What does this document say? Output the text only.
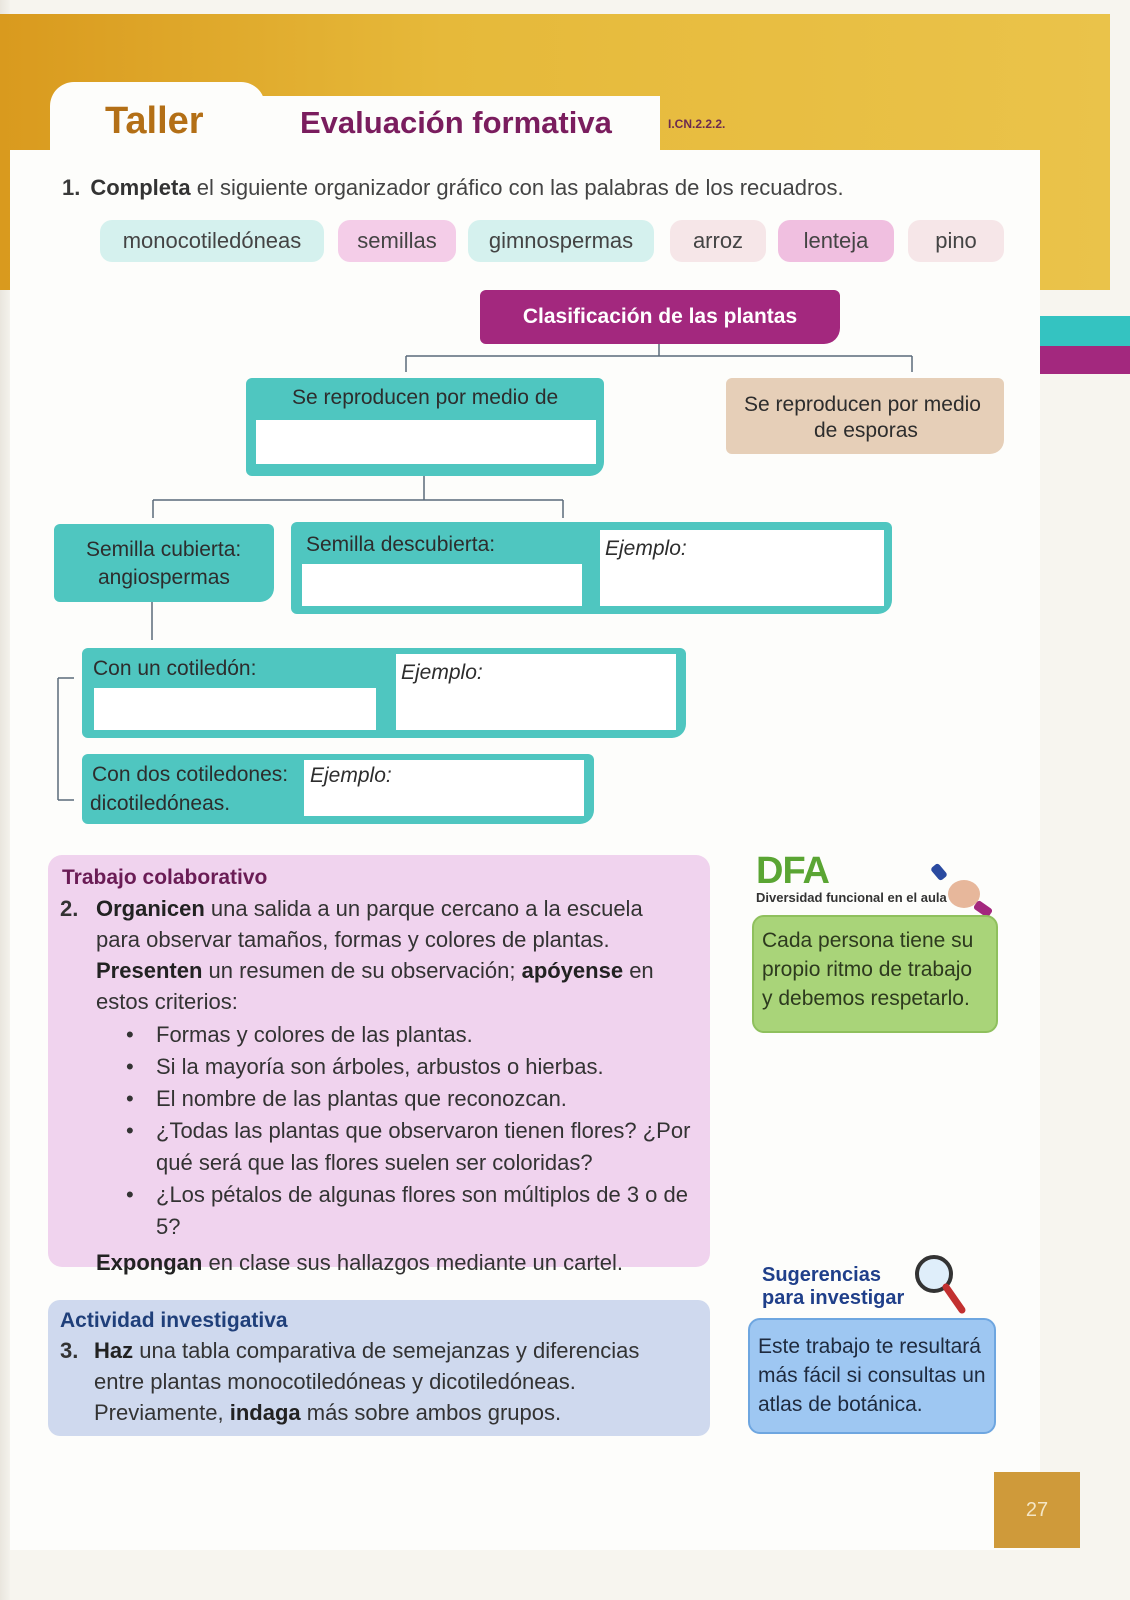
Taller	Evaluación formativa	I.CN.2.2.2.
1. Completa el siguiente organizador gráfico con las palabras de los recuadros.
monocotiledóneas	semillas	gimnospermas	arroz	lenteja	pino
Clasificación de las plantas
Se reproducen por medio de	Se reproducen por medio
de esporas
Semilla cubierta:
angiospermas
Semilla descubierta:	Ejemplo:
Con un cotiledón:	Ejemplo:
Con dos cotiledones:
dicotiledóneas.
Ejemplo:
Trabajo colaborativo
2. Organicen una salida a un parque cercano a la escuela
para observar tamaños, formas y colores de plantas.
Presenten un resumen de su observación; apóyense en
estos criterios:
• Formas y colores de las plantas.
• Si la mayoría son árboles, arbustos o hierbas.
• El nombre de las plantas que reconozcan.
• ¿Todas las plantas que observaron tienen flores? ¿Por qué será que las flores suelen ser coloridas?
• ¿Los pétalos de algunas flores son múltiplos de 3 o de 5?
Expongan en clase sus hallazgos mediante un cartel.
Actividad investigativa
3. Haz una tabla comparativa de semejanzas y diferencias
entre plantas monocotiledóneas y dicotiledóneas.
Previamente, indaga más sobre ambos grupos.
DFA
Diversidad funcional en el aula
Cada persona tiene su propio ritmo de trabajo y debemos respetarlo.
Sugerencias
para investigar
Este trabajo te resultará más fácil si consultas un atlas de botánica.
27
